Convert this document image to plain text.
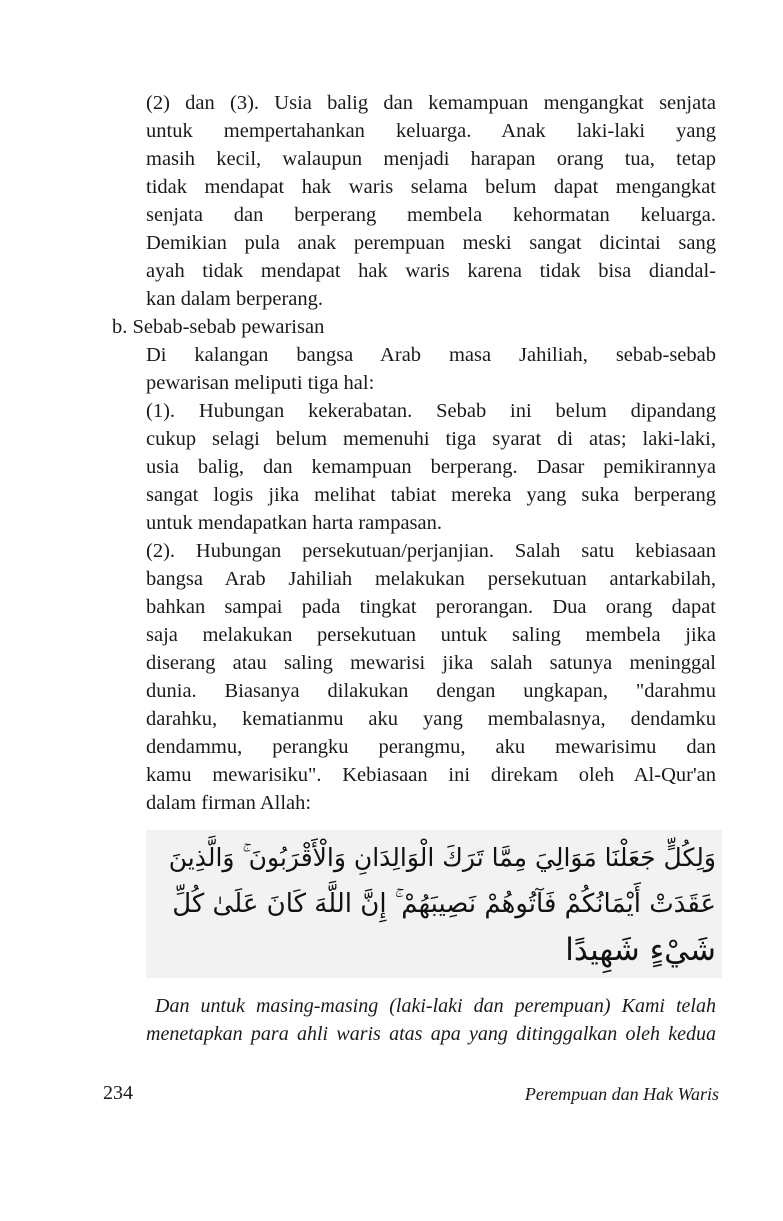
(2) dan (3). Usia balig dan kemampuan mengangkat senjata
untuk mempertahankan keluarga. Anak laki-laki yang
masih kecil, walaupun menjadi harapan orang tua, tetap
tidak mendapat hak waris selama belum dapat mengangkat
senjata dan berperang membela kehormatan keluarga.
Demikian pula anak perempuan meski sangat dicintai sang
ayah tidak mendapat hak waris karena tidak bisa diandal-
kan dalam berperang.
b. Sebab-sebab pewarisan
Di kalangan bangsa Arab masa Jahiliah, sebab-sebab
pewarisan meliputi tiga hal:
(1). Hubungan kekerabatan. Sebab ini belum dipandang
cukup selagi belum memenuhi tiga syarat di atas; laki-laki,
usia balig, dan kemampuan berperang. Dasar pemikirannya
sangat logis jika melihat tabiat mereka yang suka berperang
untuk mendapatkan harta rampasan.
(2). Hubungan persekutuan/perjanjian. Salah satu kebiasaan
bangsa Arab Jahiliah melakukan persekutuan antarkabilah,
bahkan sampai pada tingkat perorangan. Dua orang dapat
saja melakukan persekutuan untuk saling membela jika
diserang atau saling mewarisi jika salah satunya meninggal
dunia. Biasanya dilakukan dengan ungkapan, "darahmu
darahku, kematianmu aku yang membalasnya, dendamku
dendammu, perangku perangmu, aku mewarisimu dan
kamu mewarisiku". Kebiasaan ini direkam oleh Al-Qur'an
dalam firman Allah:
وَلِكُلٍّ جَعَلْنَا مَوَالِيَ مِمَّا تَرَكَ الْوَالِدَانِ وَالْأَقْرَبُونَ ۚ وَالَّذِينَ
عَقَدَتْ أَيْمَانُكُمْ فَآتُوهُمْ نَصِيبَهُمْ ۚ إِنَّ اللَّهَ كَانَ عَلَىٰ كُلِّ
شَيْءٍ شَهِيدًا
Dan untuk masing-masing (laki-laki dan perempuan) Kami telah
menetapkan para ahli waris atas apa yang ditinggalkan oleh kedua
234	Perempuan dan Hak Waris
